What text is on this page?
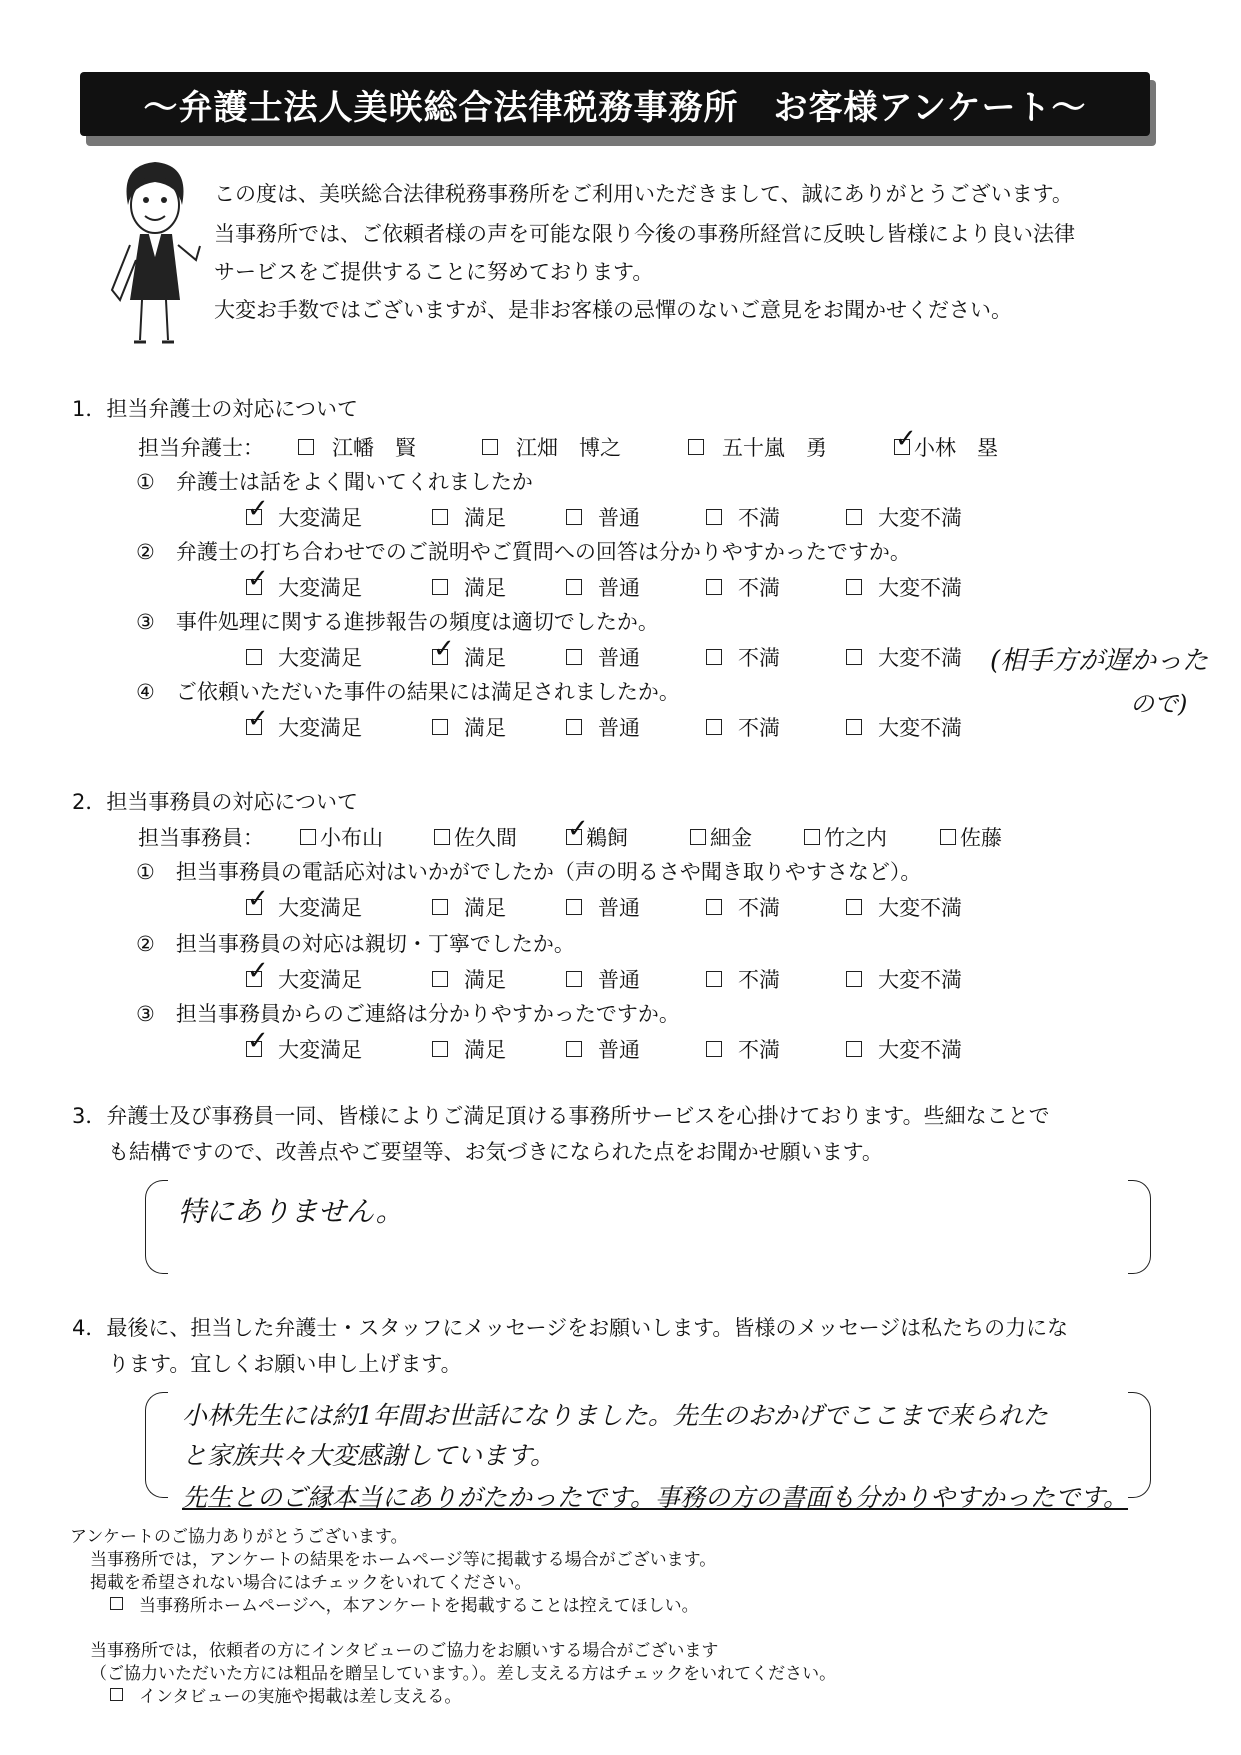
～弁護士法人美咲総合法律税務事務所　お客様アンケート～
この度は、美咲総合法律税務事務所をご利用いただきまして、誠にありがとうございます。
当事務所では、ご依頼者様の声を可能な限り今後の事務所経営に反映し皆様により良い法律
サービスをご提供することに努めております。
大変お手数ではございますが、是非お客様の忌憚のないご意見をお聞かせください。
1．担当弁護士の対応について
担当弁護士：	江幡　賢	江畑　博之	五十嵐　勇 ✓	小林　塁
①　弁護士は話をよく聞いてくれましたか
✓
大変満足	満足	普通	不満	大変不満
②　弁護士の打ち合わせでのご説明やご質問への回答は分かりやすかったですか。
✓
大変満足	満足	普通	不満	大変不満
③　事件処理に関する進捗報告の頻度は適切でしたか。
大変満足 ✓	満足	普通	不満	大変不満
④　ご依頼いただいた事件の結果には満足されましたか。
✓
大変満足	満足	普通	不満	大変不満
(相手方が遅かった
ので)
2．担当事務員の対応について
担当事務員：	小布山	佐久間 ✓	鵜飼	細金	竹之内	佐藤
①　担当事務員の電話応対はいかがでしたか（声の明るさや聞き取りやすさなど）。
✓
大変満足	満足	普通	不満	大変不満
②　担当事務員の対応は親切・丁寧でしたか。
✓
大変満足	満足	普通	不満	大変不満
③　担当事務員からのご連絡は分かりやすかったですか。
✓
大変満足	満足	普通	不満	大変不満
3．弁護士及び事務員一同、皆様によりご満足頂ける事務所サービスを心掛けております。些細なことで
も結構ですので、改善点やご要望等、お気づきになられた点をお聞かせ願います。
特にありません。
4．最後に、担当した弁護士・スタッフにメッセージをお願いします。皆様のメッセージは私たちの力にな
ります。宜しくお願い申し上げます。
小林先生には約1年間お世話になりました。先生のおかげでここまで来られた
と家族共々大変感謝しています。
先生とのご縁本当にありがたかったです。事務の方の書面も分かりやすかったです。
アンケートのご協力ありがとうございます。
当事務所では，アンケートの結果をホームページ等に掲載する場合がございます。
掲載を希望されない場合にはチェックをいれてください。
当事務所ホームページへ，本アンケートを掲載することは控えてほしい。
当事務所では，依頼者の方にインタビューのご協力をお願いする場合がございます
（ご協力いただいた方には粗品を贈呈しています。）。差し支える方はチェックをいれてください。
インタビューの実施や掲載は差し支える。
